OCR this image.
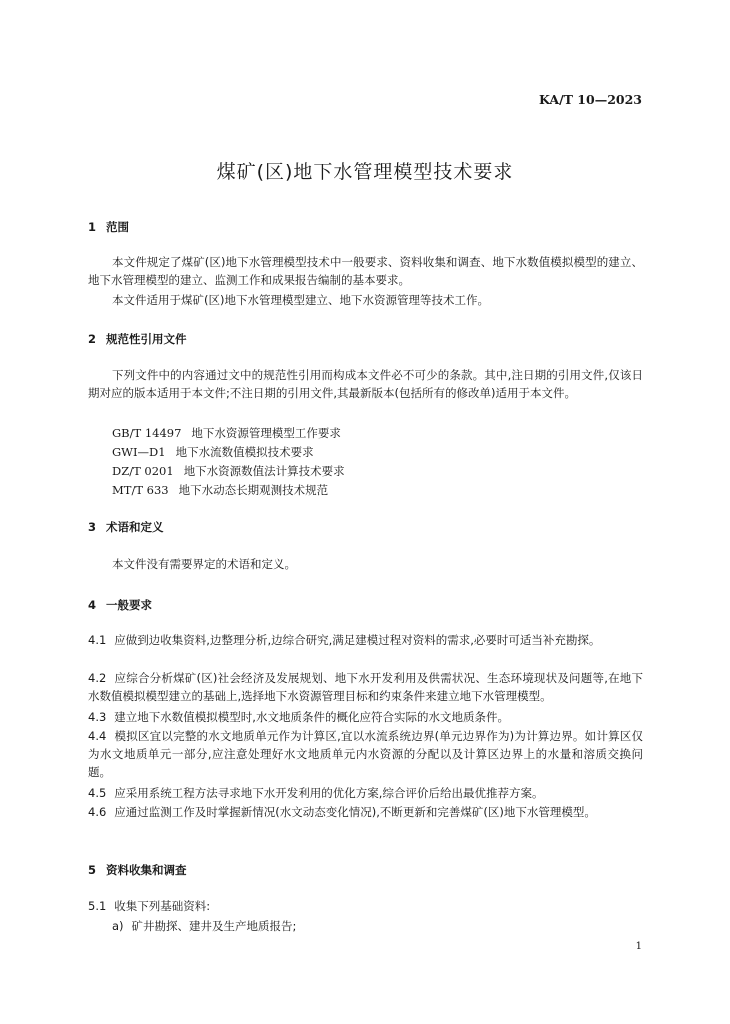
KA/T 10—2023
煤矿(区)地下水管理模型技术要求
1 范围
本文件规定了煤矿(区)地下水管理模型技术中一般要求、资料收集和调查、地下水数值模拟模型的建立、地下水管理模型的建立、监测工作和成果报告编制的基本要求。
本文件适用于煤矿(区)地下水管理模型建立、地下水资源管理等技术工作。
2 规范性引用文件
下列文件中的内容通过文中的规范性引用而构成本文件必不可少的条款。其中,注日期的引用文件,仅该日期对应的版本适用于本文件;不注日期的引用文件,其最新版本(包括所有的修改单)适用于本文件。
GB/T 14497 地下水资源管理模型工作要求
GWI—D1 地下水流数值模拟技术要求
DZ/T 0201 地下水资源数值法计算技术要求
MT/T 633 地下水动态长期观测技术规范
3 术语和定义
本文件没有需要界定的术语和定义。
4 一般要求
4.1 应做到边收集资料,边整理分析,边综合研究,满足建模过程对资料的需求,必要时可适当补充勘探。
4.2 应综合分析煤矿(区)社会经济及发展规划、地下水开发利用及供需状况、生态环境现状及问题等,在地下水数值模拟模型建立的基础上,选择地下水资源管理目标和约束条件来建立地下水管理模型。
4.3 建立地下水数值模拟模型时,水文地质条件的概化应符合实际的水文地质条件。
4.4 模拟区宜以完整的水文地质单元作为计算区,宜以水流系统边界(单元边界作为)为计算边界。如计算区仅为水文地质单元一部分,应注意处理好水文地质单元内水资源的分配以及计算区边界上的水量和溶质交换问题。
4.5 应采用系统工程方法寻求地下水开发利用的优化方案,综合评价后给出最优推荐方案。
4.6 应通过监测工作及时掌握新情况(水文动态变化情况),不断更新和完善煤矿(区)地下水管理模型。
5 资料收集和调查
5.1 收集下列基础资料:
a) 矿井勘探、建井及生产地质报告;
1
